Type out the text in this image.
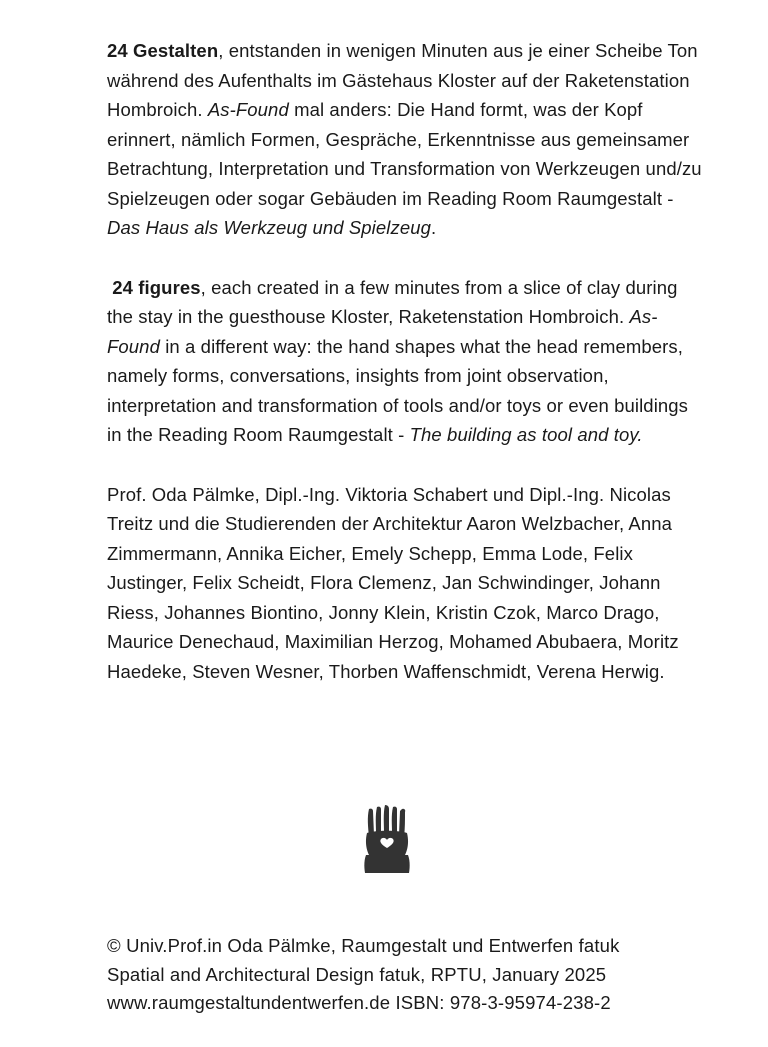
24 Gestalten, entstanden in wenigen Minuten aus je einer Scheibe Ton während des Aufenthalts im Gästehaus Kloster auf der Raketenstation Hombroich. As-Found mal anders: Die Hand formt, was der Kopf erinnert, nämlich Formen, Gespräche, Erkenntnisse aus gemeinsamer Betrachtung, Interpretation und Transformation von Werkzeugen und/zu Spielzeugen oder sogar Gebäuden im Reading Room Raumgestalt - Das Haus als Werkzeug und Spielzeug.

24 figures, each created in a few minutes from a slice of clay during the stay in the guesthouse Kloster, Raketenstation Hombroich. As-Found in a different way: the hand shapes what the head remembers, namely forms, conversations, insights from joint observation, interpretation and transformation of tools and/or toys or even buildings in the Reading Room Raumgestalt - The building as tool and toy.

Prof. Oda Pälmke, Dipl.-Ing. Viktoria Schabert und Dipl.-Ing. Nicolas Treitz und die Studierenden der Architektur Aaron Welzbacher, Anna Zimmermann, Annika Eicher, Emely Schepp, Emma Lode, Felix Justinger, Felix Scheidt, Flora Clemenz, Jan Schwindinger, Johann Riess, Johannes Biontino, Jonny Klein, Kristin Czok, Marco Drago, Maurice Denechaud, Maximilian Herzog, Mohamed Abubaera, Moritz Haedeke, Steven Wesner, Thorben Waffenschmidt, Verena Herwig.

© Univ.Prof.in Oda Pälmke, Raumgestalt und Entwerfen fatuk
Spatial and Architectural Design fatuk, RPTU, January 2025
www.raumgestaltundentwerfen.de ISBN: 978-3-95974-238-2
